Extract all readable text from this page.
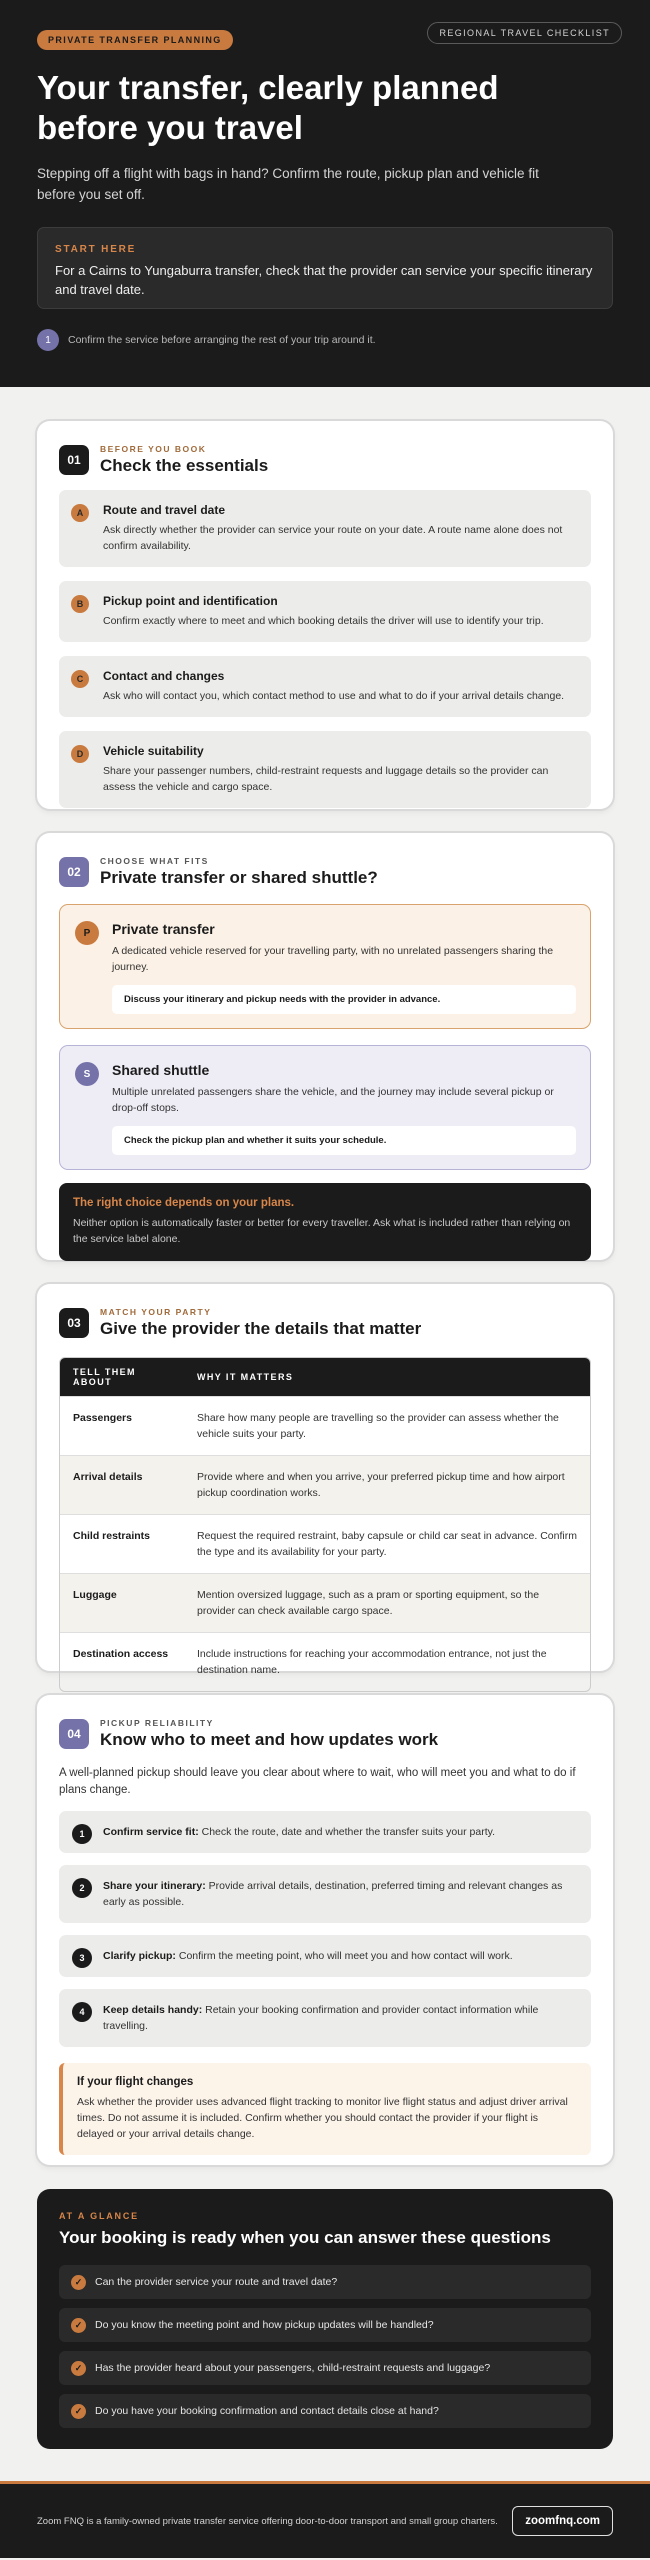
PRIVATE TRANSFER PLANNING
REGIONAL TRAVEL CHECKLIST
Your transfer, clearly planned before you travel

Stepping off a flight with bags in hand? Confirm the route, pickup plan and vehicle fit before you set off.

START HERE
For a Cairns to Yungaburra transfer, check that the provider can service your specific itinerary and travel date.
1	Confirm the service before arranging the rest of your trip around it.
01
BEFORE YOU BOOK
Check the essentials
A	Route and travel date

Ask directly whether the provider can service your route on your date. A route name alone does not confirm availability.

B	Pickup point and identification

Confirm exactly where to meet and which booking details the driver will use to identify your trip.

C	Contact and changes

Ask who will contact you, which contact method to use and what to do if your arrival details change.

D	Vehicle suitability

Share your passenger numbers, child-restraint requests and luggage details so the provider can assess the vehicle and cargo space.

02
CHOOSE WHAT FITS
Private transfer or shared shuttle?
P	Private transfer

A dedicated vehicle reserved for your travelling party, with no unrelated passengers sharing the journey.

Discuss your itinerary and pickup needs with the provider in advance.
S	Shared shuttle

Multiple unrelated passengers share the vehicle, and the journey may include several pickup or drop-off stops.

Check the pickup plan and whether it suits your schedule.
The right choice depends on your plans.

Neither option is automatically faster or better for every traveller. Ask what is included rather than relying on the service label alone.

03
MATCH YOUR PARTY
Give the provider the details that matter
TELL THEM ABOUT	WHY IT MATTERS
Passengers	Share how many people are travelling so the provider can assess whether the vehicle suits your party.
Arrival details	Provide where and when you arrive, your preferred pickup time and how airport pickup coordination works.
Child restraints	Request the required restraint, baby capsule or child car seat in advance. Confirm the type and its availability for your party.
Luggage	Mention oversized luggage, such as a pram or sporting equipment, so the provider can check available cargo space.
Destination access	Include instructions for reaching your accommodation entrance, not just the destination name.
04
PICKUP RELIABILITY
Know who to meet and how updates work

A well-planned pickup should leave you clear about where to wait, who will meet you and what to do if plans change.

1	Confirm service fit: Check the route, date and whether the transfer suits your party.
2	Share your itinerary: Provide arrival details, destination, preferred timing and relevant changes as early as possible.
3	Clarify pickup: Confirm the meeting point, who will meet you and how contact will work.
4	Keep details handy: Retain your booking confirmation and provider contact information while travelling.
If your flight changes

Ask whether the provider uses advanced flight tracking to monitor live flight status and adjust driver arrival times. Do not assume it is included. Confirm whether you should contact the provider if your flight is delayed or your arrival details change.

AT A GLANCE
Your booking is ready when you can answer these questions
✓	Can the provider service your route and travel date?
✓	Do you know the meeting point and how pickup updates will be handled?
✓	Has the provider heard about your passengers, child-restraint requests and luggage?
✓	Do you have your booking confirmation and contact details close at hand?
Zoom FNQ is a family-owned private transfer service offering door-to-door transport and small group charters.	zoomfnq.com
